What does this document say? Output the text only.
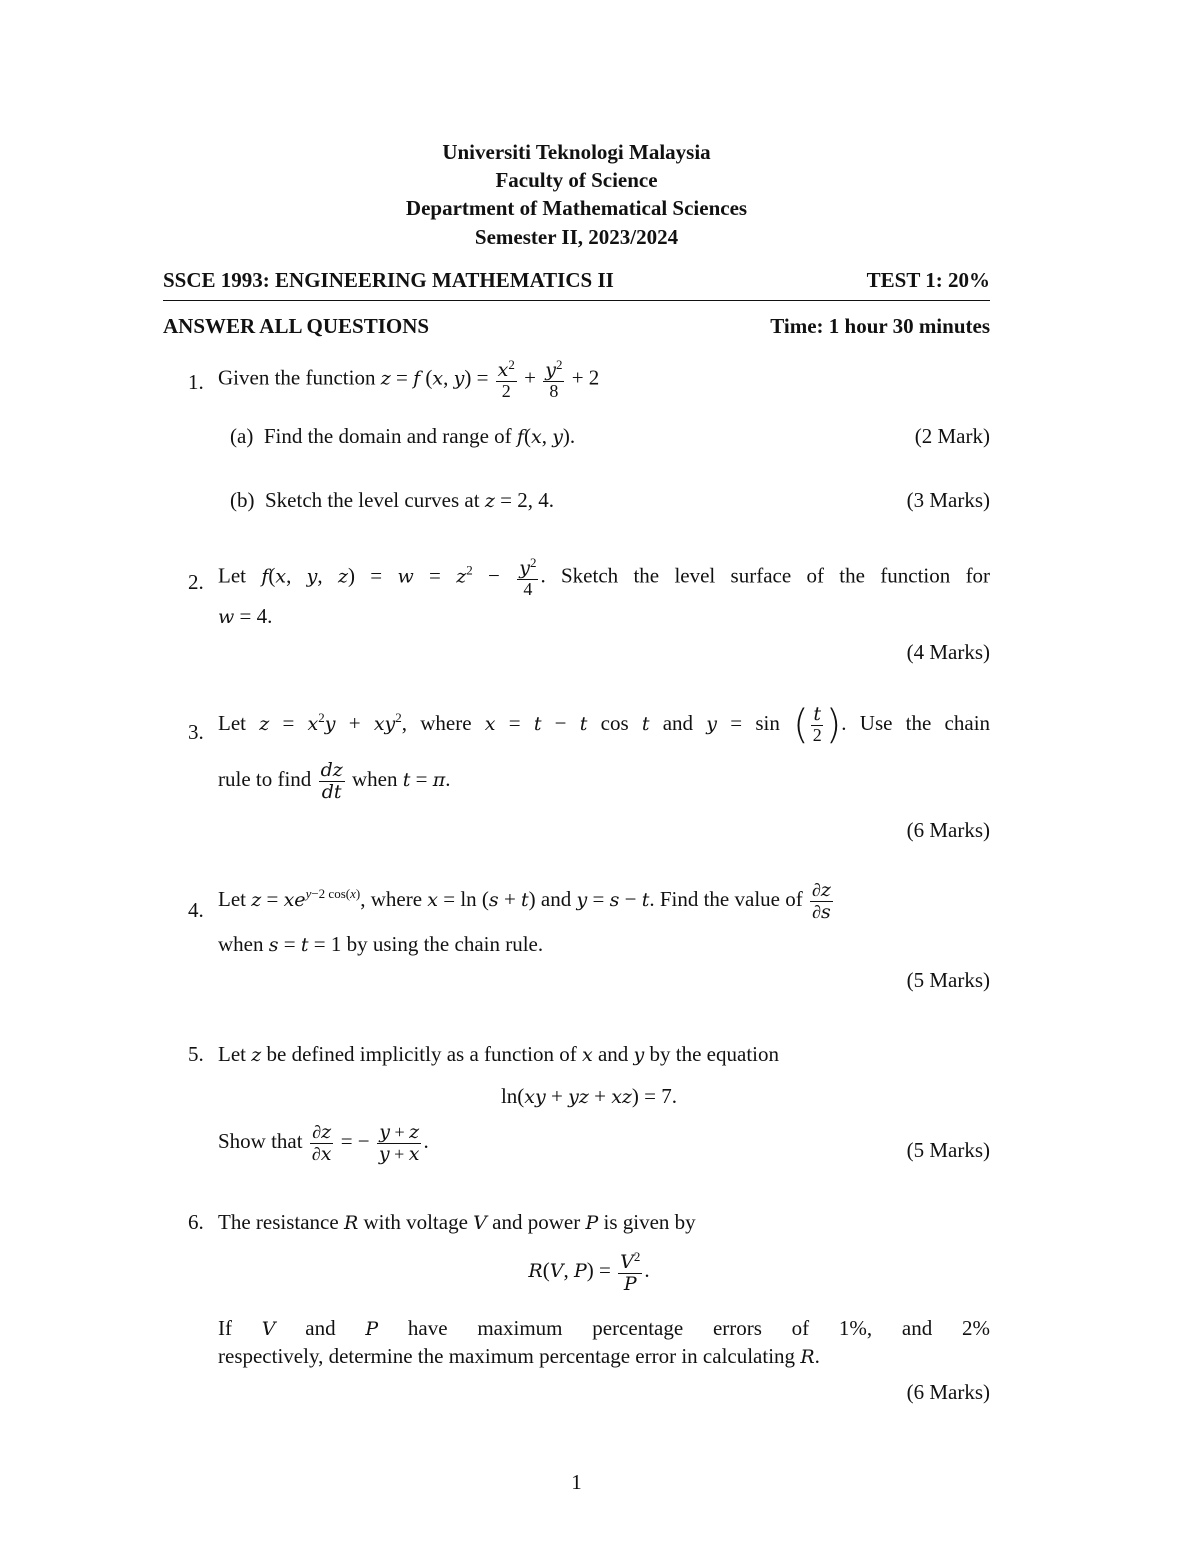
Universiti Teknologi Malaysia
Faculty of Science
Department of Mathematical Sciences
Semester II, 2023/2024
SSCE 1993: ENGINEERING MATHEMATICS II	TEST 1: 20%
ANSWER ALL QUESTIONS	Time: 1 hour 30 minutes
1. Given the function z = f (x, $y) = \frac{x^2}{2} + \frac{y^2}{8} + 2$
(a) Find the domain and range of f(x, y).	(2 Mark)
(b) Sketch the level curves at z = 2, 4.	(3 Marks)
2. Let f(x, y, $z) = w = z^2 - \frac{y^2}{4}$ . Sketch the level surface of the function for
w = 4.
(4 Marks)
3. Let $z = x^2y + xy^2$, where x = t − t cos t and y = sin ( $\frac{t}{2}$ ). Use the chain
rule to find $\frac{dz}{dt}$ when t = π.
(6 Marks)
4. Let $z = xe^{y-2 cos(x)}$, where x = ln (s + t) and y = s − t. Find the value of $\frac{\partial z}{\partial s}$
when s = t = 1 by using the chain rule.
(5 Marks)
5. Let z be defined implicitly as a function of x and y by the equation
ln(xy + yz + xz) = 7.
Show that $\frac{\partial z}{\partial x}$ = − $\frac{y + z}{y + x}$ .	(5 Marks)
6. The resistance R with voltage V and power P is given by
R(V, $P) = \frac{V^2}{P}$ .
If V and P have maximum percentage errors of 1%, and 2%
respectively, determine the maximum percentage error in calculating R.
(6 Marks)
1
